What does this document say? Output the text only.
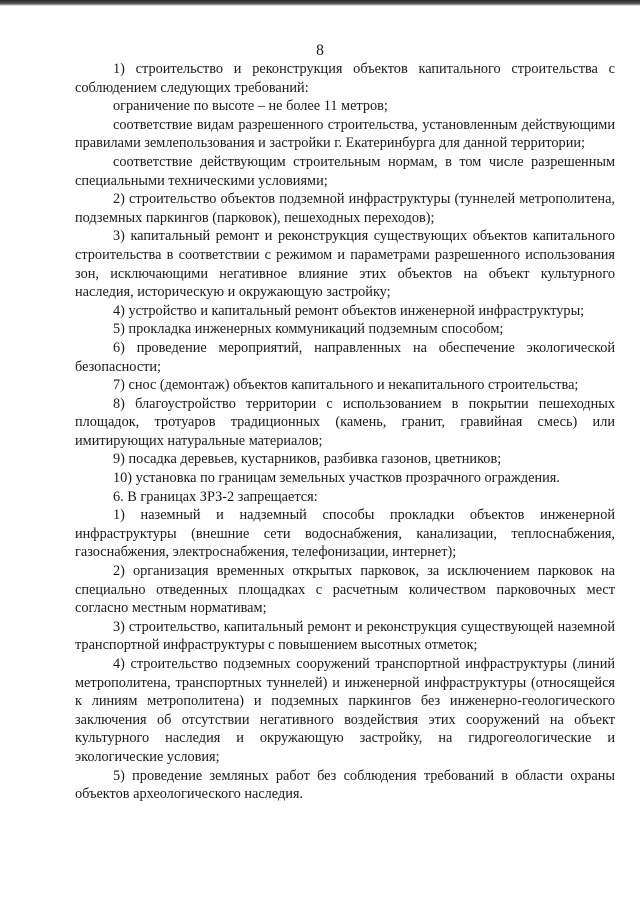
8

1) строительство и реконструкция объектов капитального строительства с соблюдением следующих требований:

ограничение по высоте – не более 11 метров;

соответствие видам разрешенного строительства, установленным действующими правилами землепользования и застройки г. Екатеринбурга для данной территории;

соответствие действующим строительным нормам, в том числе разрешенным специальными техническими условиями;

2) строительство объектов подземной инфраструктуры (туннелей метрополитена, подземных паркингов (парковок), пешеходных переходов);

3) капитальный ремонт и реконструкция существующих объектов капитального строительства в соответствии с режимом и параметрами разрешенного использования зон, исключающими негативное влияние этих объектов на объект культурного наследия, историческую и окружающую застройку;

4) устройство и капитальный ремонт объектов инженерной инфраструктуры;

5) прокладка инженерных коммуникаций подземным способом;

6) проведение мероприятий, направленных на обеспечение экологической безопасности;

7) снос (демонтаж) объектов капитального и некапитального строительства;

8) благоустройство территории с использованием в покрытии пешеходных площадок, тротуаров традиционных (камень, гранит, гравийная смесь) или имитирующих натуральные материалов;

9) посадка деревьев, кустарников, разбивка газонов, цветников;

10) установка по границам земельных участков прозрачного ограждения.

6. В границах ЗРЗ-2 запрещается:

1) наземный и надземный способы прокладки объектов инженерной инфраструктуры (внешние сети водоснабжения, канализации, теплоснабжения, газоснабжения, электроснабжения, телефонизации, интернет);

2) организация временных открытых парковок, за исключением парковок на специально отведенных площадках с расчетным количеством парковочных мест согласно местным нормативам;

3) строительство, капитальный ремонт и реконструкция существующей наземной транспортной инфраструктуры с повышением высотных отметок;

4) строительство подземных сооружений транспортной инфраструктуры (линий метрополитена, транспортных туннелей) и инженерной инфраструктуры (относящейся к линиям метрополитена) и подземных паркингов без инженерно-геологического заключения об отсутствии негативного воздействия этих сооружений на объект культурного наследия и окружающую застройку, на гидрогеологические и экологические условия;

5) проведение земляных работ без соблюдения требований в области охраны объектов археологического наследия.
